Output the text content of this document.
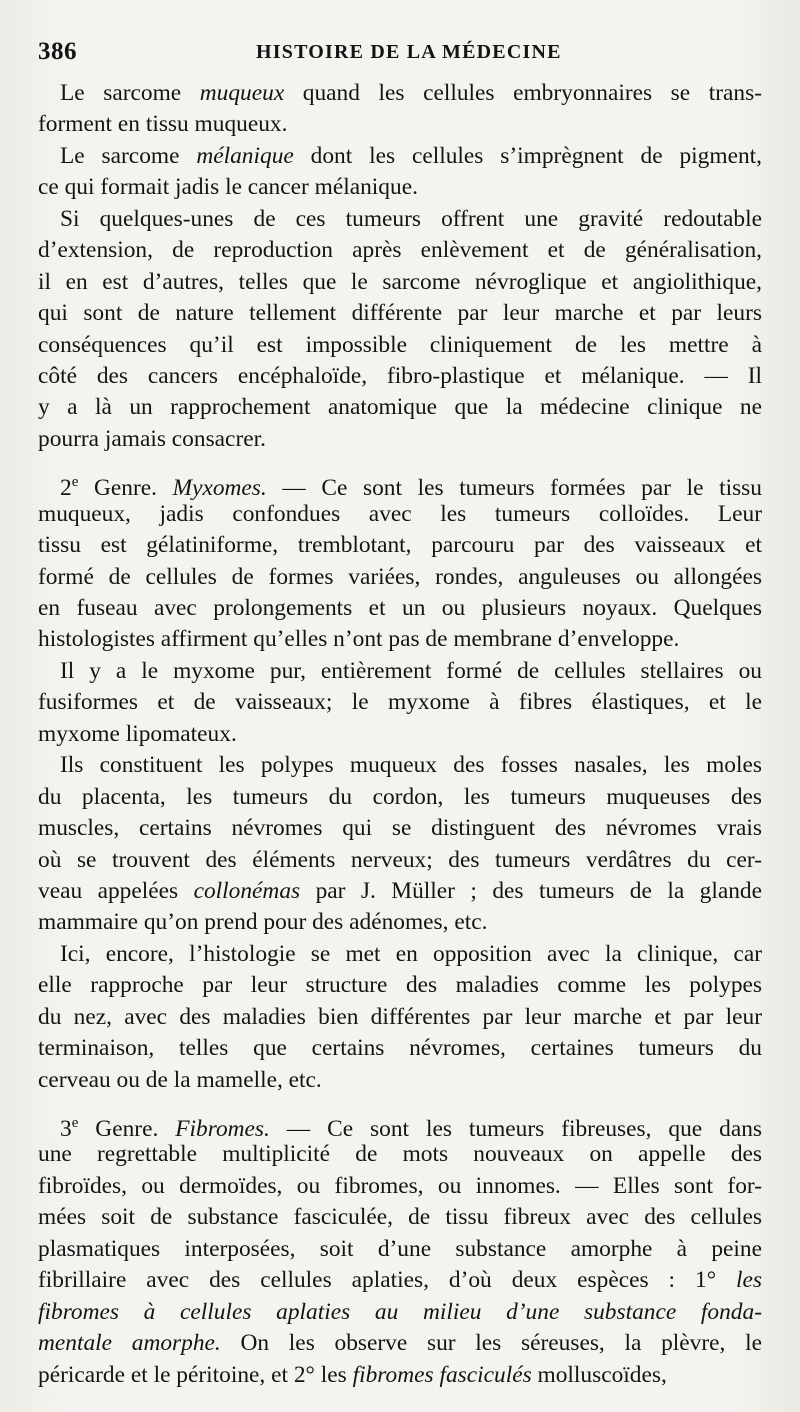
386	HISTOIRE DE LA MÉDECINE
Le sarcome muqueux quand les cellules embryonnaires se trans-
forment en tissu muqueux.
Le sarcome mélanique dont les cellules s’imprègnent de pigment,
ce qui formait jadis le cancer mélanique.
Si quelques-unes de ces tumeurs offrent une gravité redoutable
d’extension, de reproduction après enlèvement et de généralisation,
il en est d’autres, telles que le sarcome névroglique et angiolithique,
qui sont de nature tellement différente par leur marche et par leurs
conséquences qu’il est impossible cliniquement de les mettre à
côté des cancers encéphaloïde, fibro-plastique et mélanique. — Il
y a là un rapprochement anatomique que la médecine clinique ne
pourra jamais consacrer.
2e Genre. Myxomes. — Ce sont les tumeurs formées par le tissu
muqueux, jadis confondues avec les tumeurs colloïdes. Leur
tissu est gélatiniforme, tremblotant, parcouru par des vaisseaux et
formé de cellules de formes variées, rondes, anguleuses ou allongées
en fuseau avec prolongements et un ou plusieurs noyaux. Quelques
histologistes affirment qu’elles n’ont pas de membrane d’enveloppe.
Il y a le myxome pur, entièrement formé de cellules stellaires ou
fusiformes et de vaisseaux; le myxome à fibres élastiques, et le
myxome lipomateux.
Ils constituent les polypes muqueux des fosses nasales, les moles
du placenta, les tumeurs du cordon, les tumeurs muqueuses des
muscles, certains névromes qui se distinguent des névromes vrais
où se trouvent des éléments nerveux; des tumeurs verdâtres du cer-
veau appelées collonémas par J. Müller ; des tumeurs de la glande
mammaire qu’on prend pour des adénomes, etc.
Ici, encore, l’histologie se met en opposition avec la clinique, car
elle rapproche par leur structure des maladies comme les polypes
du nez, avec des maladies bien différentes par leur marche et par leur
terminaison, telles que certains névromes, certaines tumeurs du
cerveau ou de la mamelle, etc.
3e Genre. Fibromes. — Ce sont les tumeurs fibreuses, que dans
une regrettable multiplicité de mots nouveaux on appelle des
fibroïdes, ou dermoïdes, ou fibromes, ou innomes. — Elles sont for-
mées soit de substance fasciculée, de tissu fibreux avec des cellules
plasmatiques interposées, soit d’une substance amorphe à peine
fibrillaire avec des cellules aplaties, d’où deux espèces : 1° les
fibromes à cellules aplaties au milieu d’une substance fonda-
mentale amorphe. On les observe sur les séreuses, la plèvre, le
péricarde et le péritoine, et 2° les fibromes fasciculés molluscoïdes,
